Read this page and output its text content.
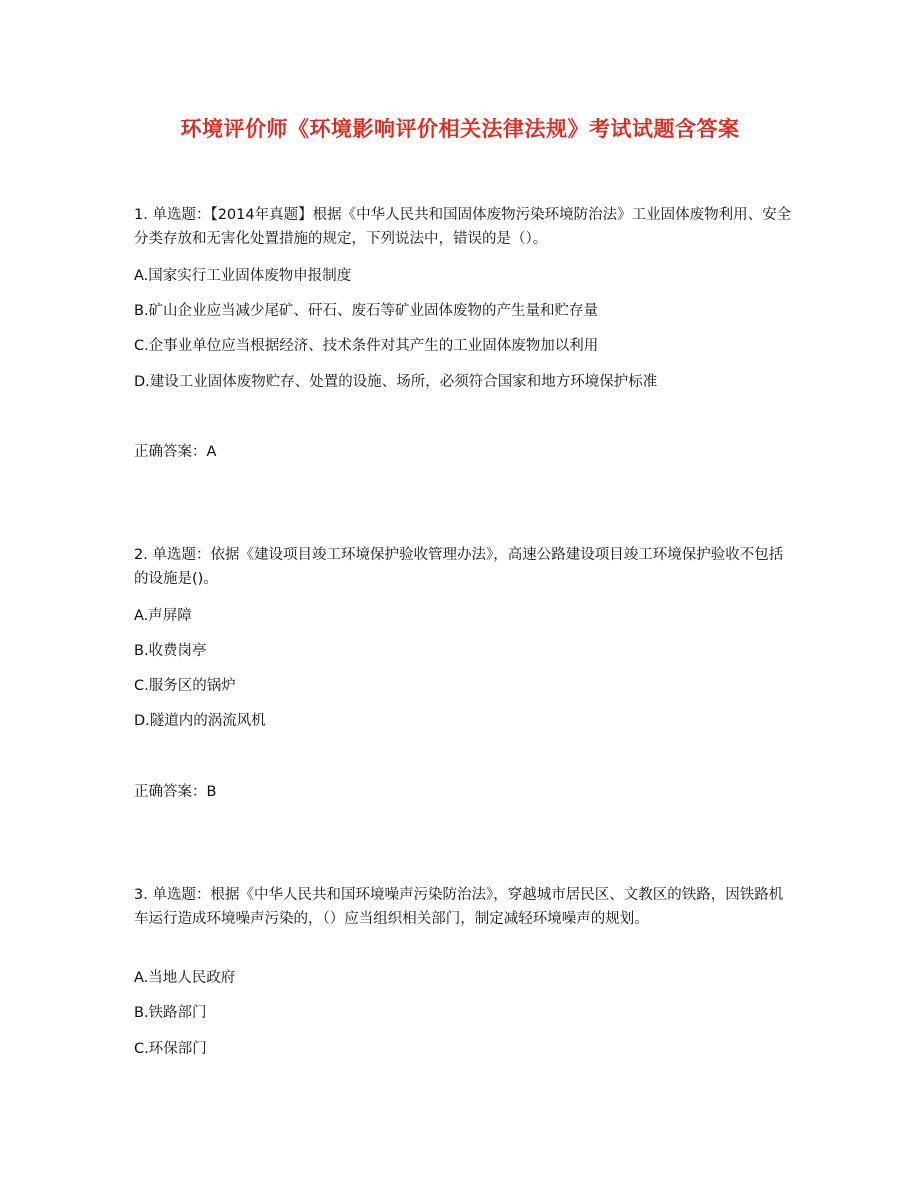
环境评价师《环境影响评价相关法律法规》考试试题含答案

1. 单选题：【2014年真题】根据《中华人民共和国固体废物污染环境防治法》工业固体废物利用、安全分类存放和无害化处置措施的规定，下列说法中，错误的是（）。

A.国家实行工业固体废物申报制度

B.矿山企业应当减少尾矿、矸石、废石等矿业固体废物的产生量和贮存量

C.企事业单位应当根据经济、技术条件对其产生的工业固体废物加以利用

D.建设工业固体废物贮存、处置的设施、场所，必须符合国家和地方环境保护标准

正确答案：A

2. 单选题：依据《建设项目竣工环境保护验收管理办法》，高速公路建设项目竣工环境保护验收不包括的设施是()。

A.声屏障

B.收费岗亭

C.服务区的锅炉

D.隧道内的涡流风机

正确答案：B

3. 单选题：根据《中华人民共和国环境噪声污染防治法》，穿越城市居民区、文教区的铁路，因铁路机车运行造成环境噪声污染的，（）应当组织相关部门，制定减轻环境噪声的规划。

A.当地人民政府

B.铁路部门

C.环保部门
